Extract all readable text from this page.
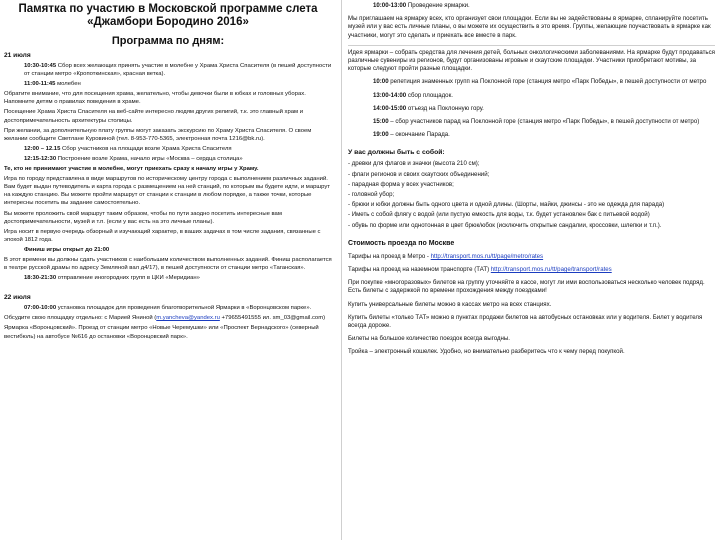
Памятка по участию в Московской программе слета «Джамбори Бородино 2016»
Программа по дням:
21 июля

10:30-10:45 Сбор всех желающих принять участие в молебне у Храма Христа Спасителя (в пешей доступности от станции метро «Кропоткинская», красная ветка).

11:00-11:45 молебен

Обратите внимание, что для посещения храма, желательно, чтобы девочки были в юбках и головных уборах. Напомните детям о правилах поведения в храме.

Посещение Храма Христа Спасителя на веб-сайте интересно людям других религий, т.к. это главный храм и достопримечательность архитектуры столицы.

При желании, за дополнительную плату группы могут заказать экскурсию по Храму Христа Спасителя. О своем желании сообщите Светлане Куровиной (тел. 8-953-770-5365, электронная почта 1216@bk.ru).

12:00 – 12.15 Сбор участников на площади возле Храма Христа Спасителя

12:15-12:30 Построение возле Храма, начало игры «Москва – сердца столица»

Те, кто не принимают участие в молебне, могут приехать сразу к началу игры у Храму.

Игра по городу представлена в виде маршрутов по историческому центру города с выполнением различных заданий. Вам будет выдан путеводитель и карта города с размещением на ней станций, по которым вы будете идти, и маршрут на каждую станцию. Вы можете пройти маршрут от станции к станции в любом порядке, а также точки, которые интересны посетить вы задание самостоятельно.

Вы можете проложить свой маршрут таким образом, чтобы по пути заодно посетить интересные вам достопримечательности, музей и т.п. (если у вас есть на это личные планы).

Игра носит в первую очередь обзорный и изучающий характер, в ваших задачах в том числе задания, связанные с эпохой 1812 года.

Финиш игры открыт до 21:00

В этот времени вы должны сдать участников с наибольшим количеством выполненных заданий. Финиш располагается в театре русской драмы по адресу Земляной вал д4/17), в пешей доступности от станции метро «Таганская».

18:30-21:30 отправление иногородних групп в ЦКИ «Меридиан»

22 июля

07:00-10:00 установка площадок для проведения благотворительной Ярмарки в «Воронцовском парке».

Обсудите свою площадку отдельно: с Марией Яниной (m.yancheva@yandex.ru +79655491555 ил. sm_03@gmail.com)

Ярмарка «Воронцовский». Проезд от станции метро «Новые Черемушки» или «Проспект Вернадского» (северный вестибюль) на автобусе №616 до остановки «Воронцовский парк».

10:00-13:00 Проведение ярмарки.

Мы приглашаем на ярмарку всех, кто организует свои площадки. Если вы не задействованы в ярмарке, спланируйте посетить музей или у вас есть личные планы, о вы можете их осуществить в это время. Группы, желающие поучаствовать в ярмарке как участники, могут это сделать и приехать все вместе в парк.

Идея ярмарки – собрать средства для лечения детей, больных онкологическими заболеваниями. На ярмарке будут продаваться различные сувениры из регионов, будут организованы игровые и скаутские площадки. Участники приобретают мотивы, за которые следуют пройти разные площадки.

10:00 репетиция знаменных групп на Поклонной горе (станция метро «Парк Победы», в пешей доступности от метро

13:00-14:00 сбор площадок.

14:00-15:00 отъезд на Поклонную гору.

15:00 – сбор участников парад на Поклонной горе (станция метро «Парк Победы», в пешей доступности от метро)

19:00 – окончание Парада.

У вас должны быть с собой:

- древки для флагов и значки (высота 210 см);

- флаги регионов и своих скаутских объединений;

- парадная форма у всех участников;

- головной убор;

- брюки и юбки должны быть одного цвета и одной длины. (Шорты, майки, джинсы - это не одежда для парада)

- Иметь с собой флягу с водой (или пустую емкость для воды, т.к. будет установлен бак с питьевой водой)

- обувь по форме или однотонная в цвет брюк/юбок (исключить открытые сандалии, кроссовки, шлепки и т.п.).

Стоимость проезда по Москве

Тарифы на проезд в Метро - http://transport.mos.ru/tt/page/metro/rates

Тарифы на проезд на наземном транспорте (ТАТ) http://transport.mos.ru/tt/page/transport/rates

При покупке «многоразовых» билетов на группу уточняйте в кассе, могут ли ими воспользоваться несколько человек подряд. Есть билеты с задержкой по времени прохождения между поездками!

Купить универсальные билеты можно в кассах метро на всех станциях.

Купить билеты «только ТАТ» можно в пунктах продажи билетов на автобусных остановках или у водителя. Билет у водителя всегда дороже.

Билеты на большое количество поездок всегда выгодны.

Тройка – электронный кошелек. Удобно, но внимательно разберитесь что к чему перед покупкой.
